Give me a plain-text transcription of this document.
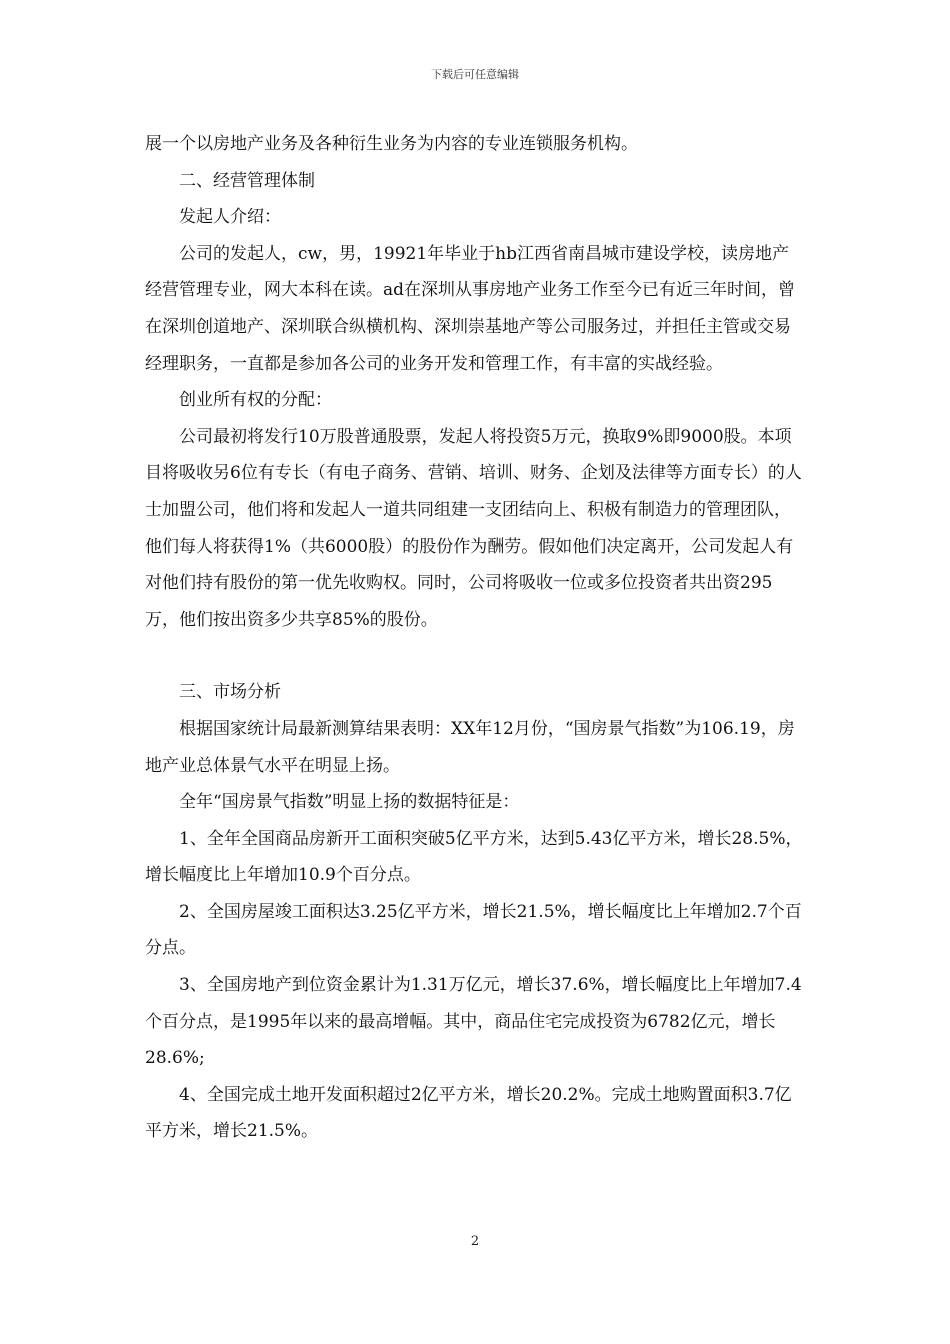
下载后可任意编辑

展一个以房地产业务及各种衍生业务为内容的专业连锁服务机构。

二、经营管理体制

发起人介绍：

公司的发起人，cw，男，19921年毕业于hb江西省南昌城市建设学校，读房地产经营管理专业，网大本科在读。ad在深圳从事房地产业务工作至今已有近三年时间，曾在深圳创道地产、深圳联合纵横机构、深圳崇基地产等公司服务过，并担任主管或交易经理职务，一直都是参加各公司的业务开发和管理工作，有丰富的实战经验。

创业所有权的分配：

公司最初将发行10万股普通股票，发起人将投资5万元，换取9%即9000股。本项目将吸收另6位有专长（有电子商务、营销、培训、财务、企划及法律等方面专长）的人士加盟公司，他们将和发起人一道共同组建一支团结向上、积极有制造力的管理团队，他们每人将获得1%（共6000股）的股份作为酬劳。假如他们决定离开，公司发起人有对他们持有股份的第一优先收购权。同时，公司将吸收一位或多位投资者共出资295万，他们按出资多少共享85%的股份。

三、市场分析

根据国家统计局最新测算结果表明：XX年12月份，“国房景气指数”为106.19，房地产业总体景气水平在明显上扬。

全年“国房景气指数”明显上扬的数据特征是：

1、全年全国商品房新开工面积突破5亿平方米，达到5.43亿平方米，增长28.5%，增长幅度比上年增加10.9个百分点。

2、全国房屋竣工面积达3.25亿平方米，增长21.5%，增长幅度比上年增加2.7个百分点。

3、全国房地产到位资金累计为1.31万亿元，增长37.6%，增长幅度比上年增加7.4个百分点，是1995年以来的最高增幅。其中，商品住宅完成投资为6782亿元，增长28.6%;

4、全国完成土地开发面积超过2亿平方米，增长20.2%。完成土地购置面积3.7亿平方米，增长21.5%。

2
